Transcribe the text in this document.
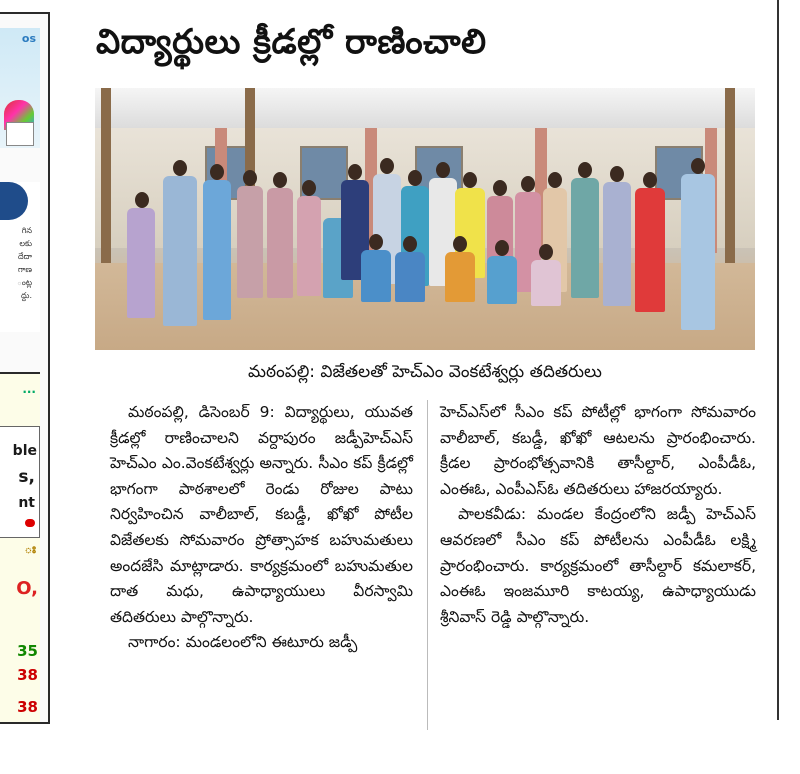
os
గిన
లకు
దేదా
గాణ
ంట్ల
ద్దు.
...
ble
s,
nt
ః
O,
35
38
38
విద్యార్థులు క్రీడల్లో రాణించాలి
మఠంపల్లి: విజేతలతో హెచ్ఎం వెంకటేశ్వర్లు తదితరులు

మఠంపల్లి, డిసెంబర్ 9: విద్యార్థులు, యువత క్రీడల్లో రాణించాలని వర్దాపురం జడ్పీహెచ్ఎస్ హెచ్ఎం ఎం.వెంకటేశ్వర్లు అన్నారు. సీఎం కప్ క్రీడల్లో భాగంగా పాఠశాలలో రెండు రోజుల పాటు నిర్వహించిన వాలీబాల్, కబడ్డీ, ఖోఖో పోటీల విజేతలకు సోమవారం ప్రోత్సాహక బహుమతులు అందజేసి మాట్లాడారు. కార్యక్రమంలో బహుమతుల దాత మధు, ఉపాధ్యాయులు వీరస్వామి తదితరులు పాల్గొన్నారు.

నాగారం: మండలంలోని ఈటూరు జడ్పీ

హెచ్ఎస్‌లో సీఎం కప్ పోటీల్లో భాగంగా సోమవారం వాలీబాల్, కబడ్డీ, ఖోఖో ఆటలను ప్రారంభించారు. క్రీడల ప్రారంభోత్సవానికి తాసీల్దార్, ఎంపీడీఓ, ఎంఈఓ, ఎంపీఎస్ఓ తదితరులు హాజరయ్యారు.

పాలకవీడు: మండల కేంద్రంలోని జడ్పీ హెచ్ఎస్ ఆవరణలో సీఎం కప్ పోటీలను ఎంపీడీఓ లక్ష్మి ప్రారంభించారు. కార్యక్రమంలో తాసీల్దార్ కమలాకర్, ఎంఈఓ ఇంజమూరి కాటయ్య, ఉపాధ్యాయుడు శ్రీనివాస్ రెడ్డి పాల్గొన్నారు.
